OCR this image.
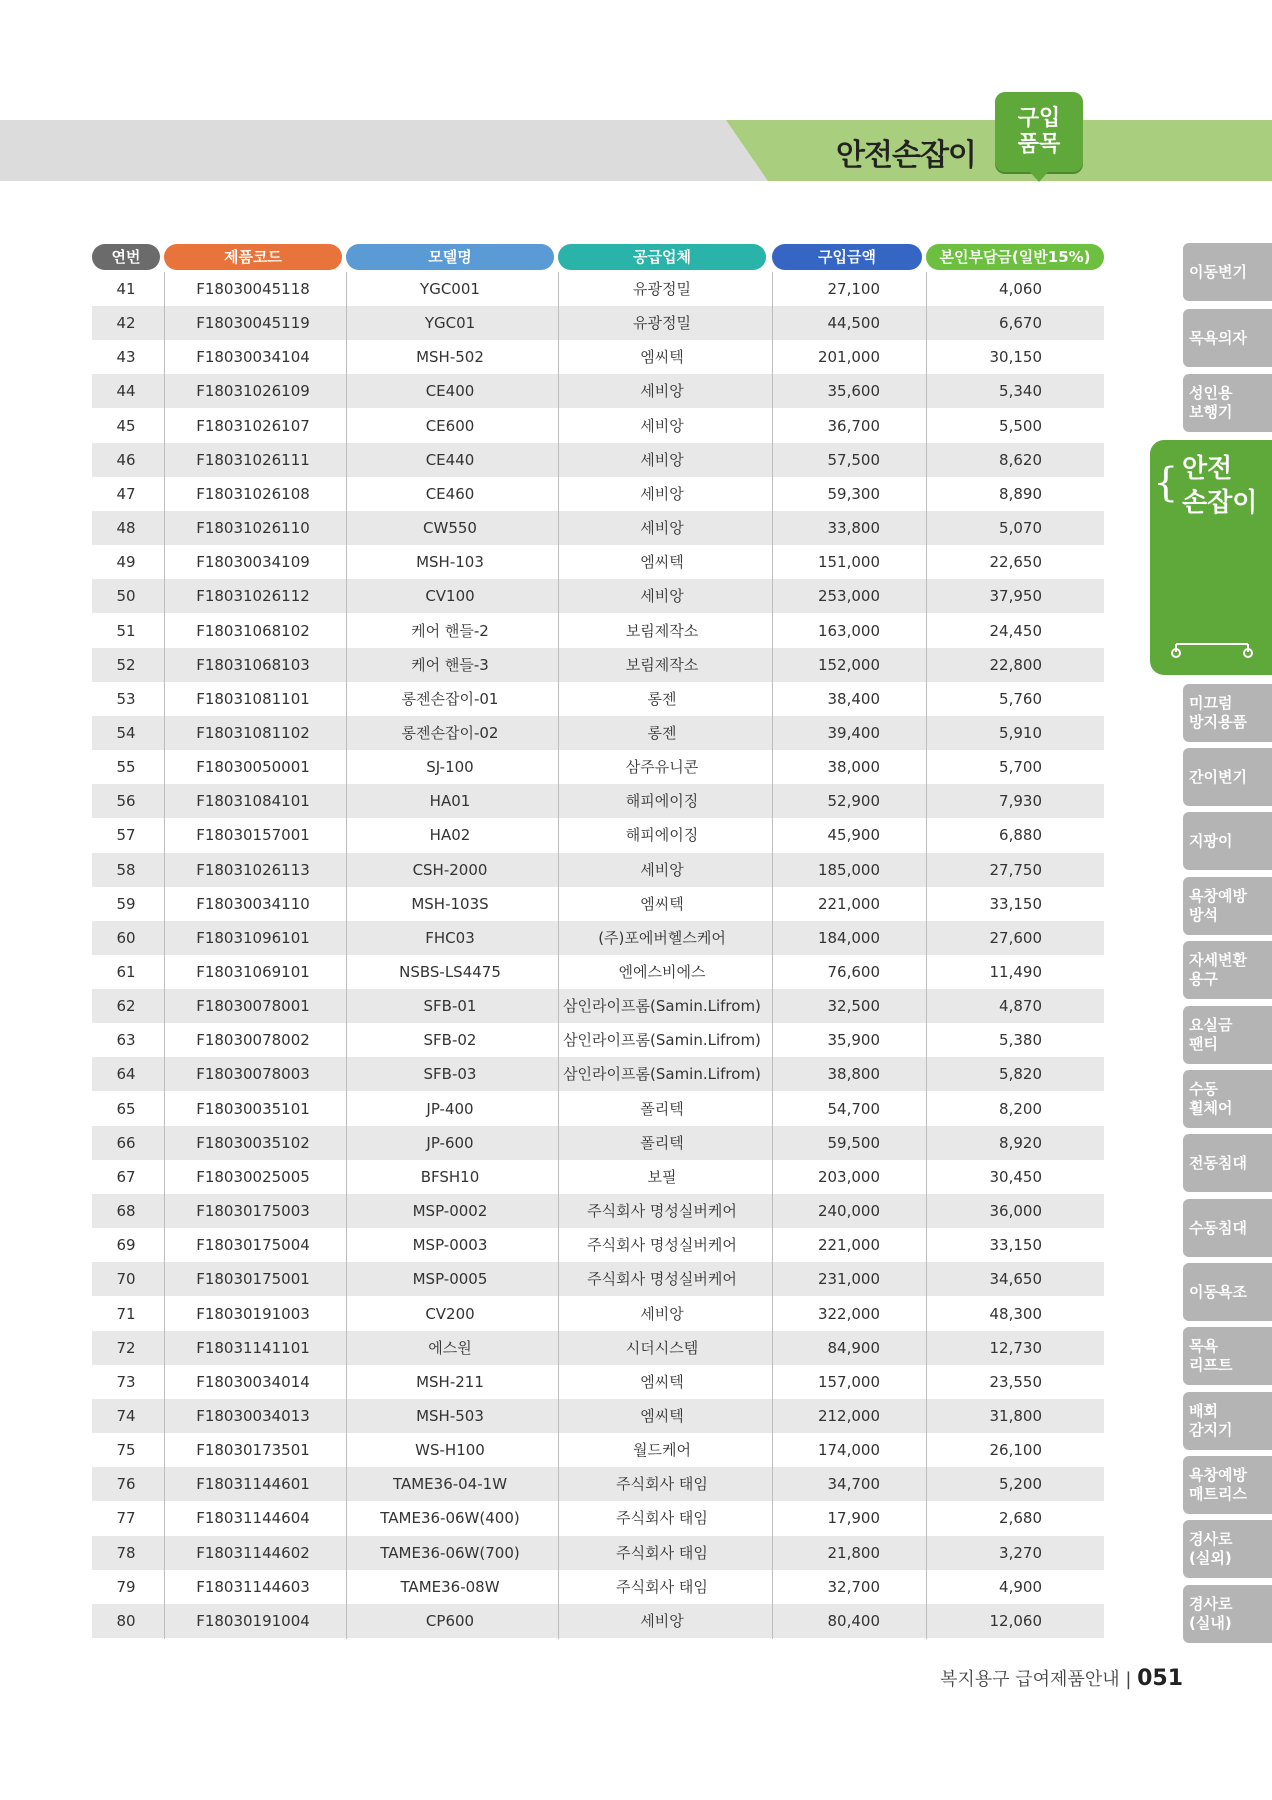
안전손잡이
구입
품목
연번	제품코드	모델명	공급업체	구입금액	본인부담금(일반15%)
41	F18030045118	YGC001	유광정밀	27,100	4,060
42	F18030045119	YGC01	유광정밀	44,500	6,670
43	F18030034104	MSH-502	엠씨텍	201,000	30,150
44	F18031026109	CE400	세비앙	35,600	5,340
45	F18031026107	CE600	세비앙	36,700	5,500
46	F18031026111	CE440	세비앙	57,500	8,620
47	F18031026108	CE460	세비앙	59,300	8,890
48	F18031026110	CW550	세비앙	33,800	5,070
49	F18030034109	MSH-103	엠씨텍	151,000	22,650
50	F18031026112	CV100	세비앙	253,000	37,950
51	F18031068102	케어 핸들-2	보림제작소	163,000	24,450
52	F18031068103	케어 핸들-3	보림제작소	152,000	22,800
53	F18031081101	롱젠손잡이-01	롱젠	38,400	5,760
54	F18031081102	롱젠손잡이-02	롱젠	39,400	5,910
55	F18030050001	SJ-100	삼주유니콘	38,000	5,700
56	F18031084101	HA01	해피에이징	52,900	7,930
57	F18030157001	HA02	해피에이징	45,900	6,880
58	F18031026113	CSH-2000	세비앙	185,000	27,750
59	F18030034110	MSH-103S	엠씨텍	221,000	33,150
60	F18031096101	FHC03	(주)포에버헬스케어	184,000	27,600
61	F18031069101	NSBS-LS4475	엔에스비에스	76,600	11,490
62	F18030078001	SFB-01	삼인라이프롬(Samin.Lifrom)	32,500	4,870
63	F18030078002	SFB-02	삼인라이프롬(Samin.Lifrom)	35,900	5,380
64	F18030078003	SFB-03	삼인라이프롬(Samin.Lifrom)	38,800	5,820
65	F18030035101	JP-400	폴리텍	54,700	8,200
66	F18030035102	JP-600	폴리텍	59,500	8,920
67	F18030025005	BFSH10	보필	203,000	30,450
68	F18030175003	MSP-0002	주식회사 명성실버케어	240,000	36,000
69	F18030175004	MSP-0003	주식회사 명성실버케어	221,000	33,150
70	F18030175001	MSP-0005	주식회사 명성실버케어	231,000	34,650
71	F18030191003	CV200	세비앙	322,000	48,300
72	F18031141101	에스원	시더시스템	84,900	12,730
73	F18030034014	MSH-211	엠씨텍	157,000	23,550
74	F18030034013	MSH-503	엠씨텍	212,000	31,800
75	F18030173501	WS-H100	월드케어	174,000	26,100
76	F18031144601	TAME36-04-1W	주식회사 태임	34,700	5,200
77	F18031144604	TAME36-06W(400)	주식회사 태임	17,900	2,680
78	F18031144602	TAME36-06W(700)	주식회사 태임	21,800	3,270
79	F18031144603	TAME36-08W	주식회사 태임	32,700	4,900
80	F18030191004	CP600	세비앙	80,400	12,060
이동변기
목욕의자
성인용
보행기
미끄럼
방지용품
간이변기
지팡이
욕창예방
방석
자세변환
용구
요실금
팬티
수동
휠체어
전동침대
수동침대
이동욕조
목욕
리프트
배회
감지기
욕창예방
매트리스
경사로
(실외)
경사로
(실내)
{ 안전
손잡이
복지용구 급여제품안내 | 051
